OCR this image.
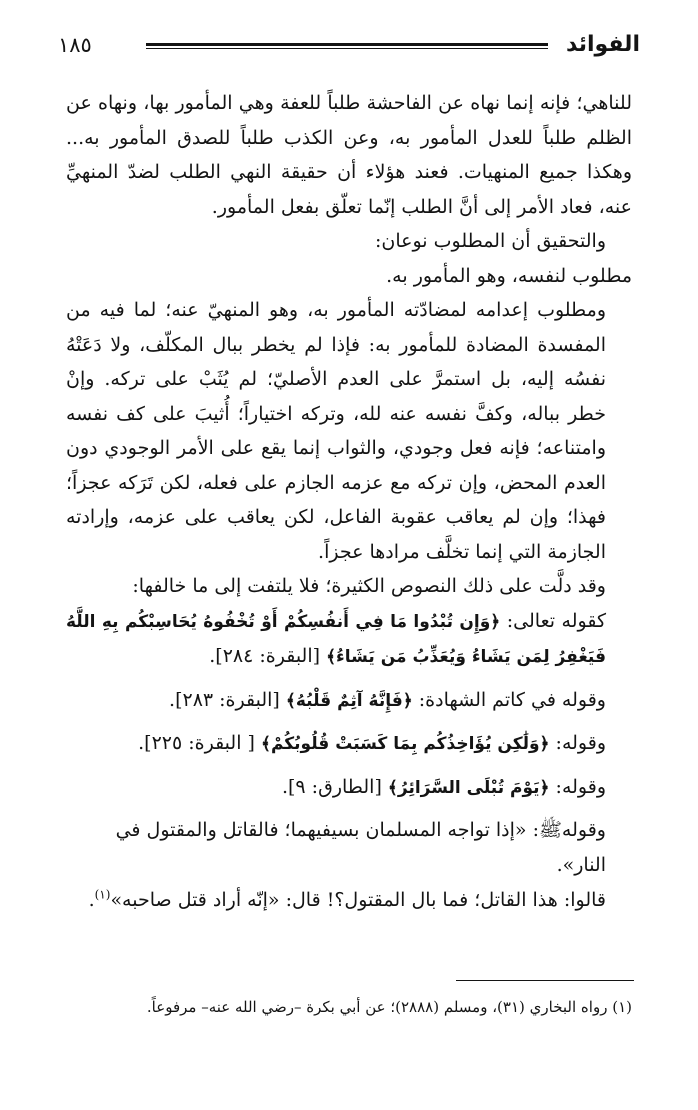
الفوائد
١٨٥

للناهي؛ فإنه إنما نهاه عن الفاحشة طلباً للعفة وهي المأمور بها، ونهاه عن الظلم طلباً للعدل المأمور به، وعن الكذب طلباً للصدق المأمور به... وهكذا جميع المنهيات. فعند هؤلاء أن حقيقة النهي الطلب لضدّ المنهيِّ عنه، فعاد الأمر إلى أنَّ الطلب إنّما تعلّق بفعل المأمور.

والتحقيق أن المطلوب نوعان:

مطلوب لنفسه، وهو المأمور به.

ومطلوب إعدامه لمضادّته المأمور به، وهو المنهيّ عنه؛ لما فيه من المفسدة المضادة للمأمور به: فإذا لم يخطر ببال المكلّف، ولا دَعَتْهُ نفسُه إليه، بل استمرَّ على العدم الأصليّ؛ لم يُثَبْ على تركه. وإنْ خطر بباله، وكفَّ نفسه عنه لله، وتركه اختياراً؛ أُثيبَ على كف نفسه وامتناعه؛ فإنه فعل وجودي، والثواب إنما يقع على الأمر الوجودي دون العدم المحض، وإن تركه مع عزمه الجازم على فعله، لكن تَرَكه عجزاً؛ فهذا؛ وإن لم يعاقب عقوبة الفاعل، لكن يعاقب على عزمه، وإرادته الجازمة التي إنما تخلَّف مرادها عجزاً.

وقد دلَّت على ذلك النصوص الكثيرة؛ فلا يلتفت إلى ما خالفها:

كقوله تعالى: ﴿وَإِن تُبْدُوا مَا فِي أَنفُسِكُمْ أَوْ تُخْفُوهُ يُحَاسِبْكُم بِهِ اللَّهُ فَيَغْفِرُ لِمَن يَشَاءُ وَيُعَذِّبُ مَن يَشَاءُ﴾ [البقرة: ٢٨٤].

وقوله في كاتم الشهادة: ﴿فَإِنَّهُ آثِمٌ قَلْبُهُ﴾ [البقرة: ٢٨٣].

وقوله: ﴿وَلَٰكِن يُؤَاخِذُكُم بِمَا كَسَبَتْ قُلُوبُكُمْ﴾ [ البقرة: ٢٢٥].

وقوله: ﴿يَوْمَ تُبْلَى السَّرَائِرُ﴾ [الطارق: ٩].

وقولهﷺ: «إذا تواجه المسلمان بسيفيهما؛ فالقاتل والمقتول في النار».

قالوا: هذا القاتل؛ فما بال المقتول؟! قال: «إنّه أراد قتل صاحبه»$^{(١)}$.

(١) رواه البخاري (٣١)، ومسلم (٢٨٨٨)؛ عن أبي بكرة –رضي الله عنه– مرفوعاً.
